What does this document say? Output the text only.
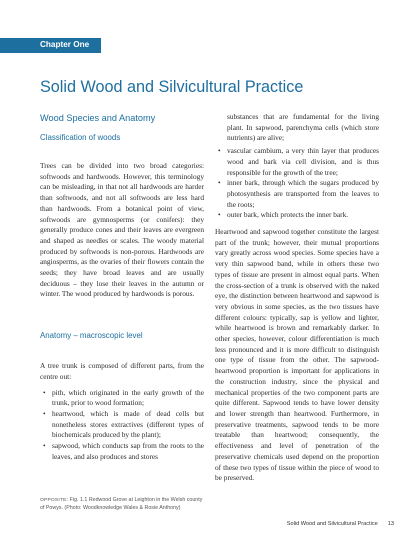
Chapter One
Solid Wood and Silvicultural Practice
Wood Species and Anatomy
Classification of woods

Trees can be divided into two broad categories: softwoods and hardwoods. However, this terminology can be misleading, in that not all hardwoods are harder than softwoods, and not all softwoods are less hard than hardwoods. From a botanical point of view, softwoods are gymnosperms (or conifers): they generally produce cones and their leaves are evergreen and shaped as needles or scales. The woody material produced by softwoods is non-porous. Hardwoods are angiosperms, as the ovaries of their flowers contain the seeds; they have broad leaves and are usually deciduous – they lose their leaves in the autumn or winter. The wood produced by hardwoods is porous.

Anatomy – macroscopic level

A tree trunk is composed of different parts, from the centre out:

• pith, which originated in the early growth of the trunk, prior to wood formation;
• heartwood, which is made of dead cells but nonetheless stores extractives (different types of biochemicals produced by the plant);
• sapwood, which conducts sap from the roots to the leaves, and also produces and stores

substances that are fundamental for the living plant. In sapwood, parenchyma cells (which store nutrients) are alive;

• vascular cambium, a very thin layer that produces wood and bark via cell division, and is thus responsible for the growth of the tree;
• inner bark, through which the sugars produced by photosynthesis are transported from the leaves to the roots;
• outer bark, which protects the inner bark.

Heartwood and sapwood together constitute the largest part of the trunk; however, their mutual proportions vary greatly across wood species. Some species have a very thin sapwood band, while in others these two types of tissue are present in almost equal parts. When the cross-section of a trunk is observed with the naked eye, the distinction between heartwood and sapwood is very obvious in some species, as the two tissues have different colours: typically, sap is yellow and lighter, while heartwood is brown and remarkably darker. In other species, however, colour differentiation is much less pronounced and it is more difficult to distinguish one type of tissue from the other. The sapwood-heartwood proportion is important for applications in the construction industry, since the physical and mechanical properties of the two component parts are quite different. Sapwood tends to have lower density and lower strength than heartwood. Furthermore, in preservative treatments, sapwood tends to be more treatable than heartwood; consequently, the effectiveness and level of penetration of the preservative chemicals used depend on the proportion of these two types of tissue within the piece of wood to be preserved.

OPPOSITE: Fig. 1.1 Redwood Grove at Leighton in the Welsh county of Powys. (Photo: Woodknowledge Wales & Rosie Anthony)
Solid Wood and Silvicultural Practice 13
